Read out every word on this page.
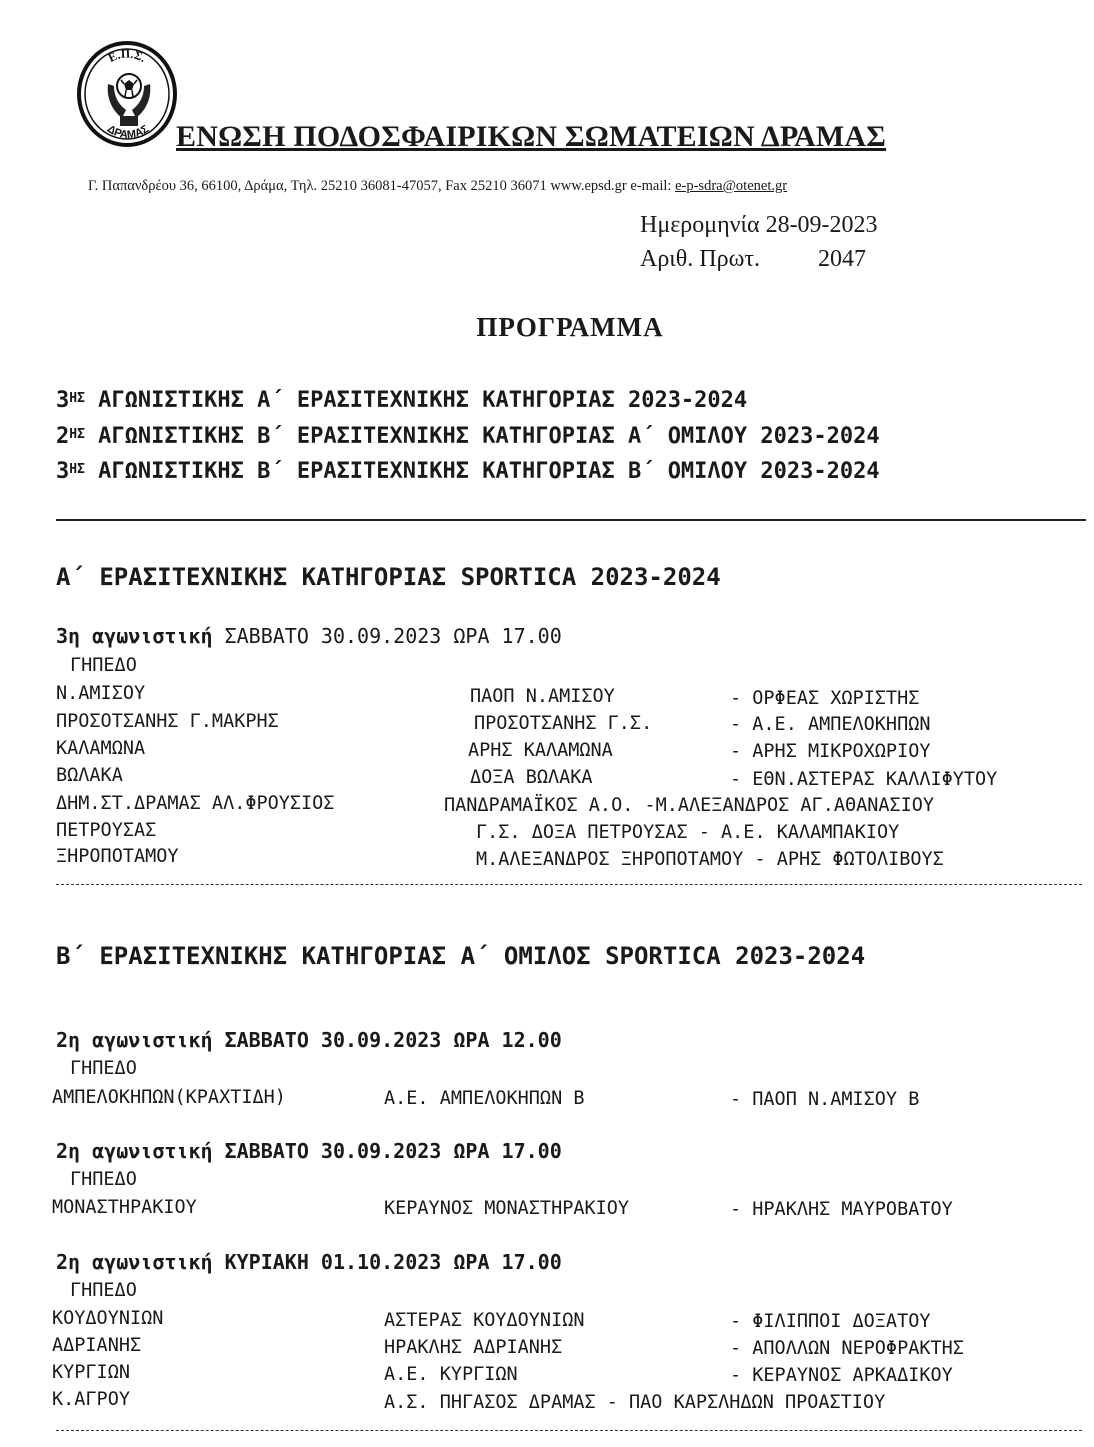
Ε.Π.Σ.
ΔΡΑΜΑΣ ΕΝΩΣΗ ΠΟΔΟΣΦΑΙΡΙΚΩΝ ΣΩΜΑΤΕΙΩΝ ΔΡΑΜΑΣ
Γ. Παπανδρέου 36, 66100, Δράμα, Τηλ. 25210 36081-47057, Fax 25210 36071 www.epsd.gr e-mail: e-p-sdra@otenet.gr
Ημερομηνία 28-09-2023
Αριθ. Πρωτ. 2047
ΠΡΟΓΡΑΜΜΑ
$3^{H\Sigma}$ ΑΓΩΝΙΣΤΙΚΗΣ Α΄ ΕΡΑΣΙΤΕΧΝΙΚΗΣ ΚΑΤΗΓΟΡΙΑΣ 2023-2024
$2^{H\Sigma}$ ΑΓΩΝΙΣΤΙΚΗΣ Β΄ ΕΡΑΣΙΤΕΧΝΙΚΗΣ ΚΑΤΗΓΟΡΙΑΣ Α΄ ΟΜΙΛΟΥ 2023-2024
$3^{H\Sigma}$ ΑΓΩΝΙΣΤΙΚΗΣ Β΄ ΕΡΑΣΙΤΕΧΝΙΚΗΣ ΚΑΤΗΓΟΡΙΑΣ Β΄ ΟΜΙΛΟΥ 2023-2024
Α΄ ΕΡΑΣΙΤΕΧΝΙΚΗΣ ΚΑΤΗΓΟΡΙΑΣ SPORTICA 2023-2024
3η αγωνιστική ΣΑΒΒΑΤΟ 30.09.2023 ΩΡΑ 17.00
ΓΗΠΕΔΟ
Ν.ΑΜΙΣΟΥ	ΠΑΟΠ Ν.ΑΜΙΣΟΥ	- ΟΡΦΕΑΣ ΧΩΡΙΣΤΗΣ
ΠΡΟΣΟΤΣΑΝΗΣ Γ.ΜΑΚΡΗΣ	ΠΡΟΣΟΤΣΑΝΗΣ Γ.Σ.	- Α.Ε. ΑΜΠΕΛΟΚΗΠΩΝ
ΚΑΛΑΜΩΝΑ	ΑΡΗΣ ΚΑΛΑΜΩΝΑ	- ΑΡΗΣ ΜΙΚΡΟΧΩΡΙΟΥ
ΒΩΛΑΚΑ	ΔΟΞΑ ΒΩΛΑΚΑ	- ΕΘΝ.ΑΣΤΕΡΑΣ ΚΑΛΛΙΦΥΤΟΥ
ΔΗΜ.ΣΤ.ΔΡΑΜΑΣ ΑΛ.ΦΡΟΥΣΙΟΣ	ΠΑΝΔΡΑΜΑΪΚΟΣ Α.Ο. -Μ.ΑΛΕΞΑΝΔΡΟΣ ΑΓ.ΑΘΑΝΑΣΙΟΥ
ΠΕΤΡΟΥΣΑΣ	Γ.Σ. ΔΟΞΑ ΠΕΤΡΟΥΣΑΣ - Α.Ε. ΚΑΛΑΜΠΑΚΙΟΥ
ΞΗΡΟΠΟΤΑΜΟΥ	Μ.ΑΛΕΞΑΝΔΡΟΣ ΞΗΡΟΠΟΤΑΜΟΥ - ΑΡΗΣ ΦΩΤΟΛΙΒΟΥΣ
Β΄ ΕΡΑΣΙΤΕΧΝΙΚΗΣ ΚΑΤΗΓΟΡΙΑΣ Α΄ ΟΜΙΛΟΣ SPORTICA 2023-2024
2η αγωνιστική ΣΑΒΒΑΤΟ 30.09.2023 ΩΡΑ 12.00
ΓΗΠΕΔΟ
ΑΜΠΕΛΟΚΗΠΩΝ(ΚΡΑΧΤΙΔΗ)	Α.Ε. ΑΜΠΕΛΟΚΗΠΩΝ Β	- ΠΑΟΠ Ν.ΑΜΙΣΟΥ Β
2η αγωνιστική ΣΑΒΒΑΤΟ 30.09.2023 ΩΡΑ 17.00
ΓΗΠΕΔΟ
ΜΟΝΑΣΤΗΡΑΚΙΟΥ	ΚΕΡΑΥΝΟΣ ΜΟΝΑΣΤΗΡΑΚΙΟΥ	- ΗΡΑΚΛΗΣ ΜΑΥΡΟΒΑΤΟΥ
2η αγωνιστική ΚΥΡΙΑΚΗ 01.10.2023 ΩΡΑ 17.00
ΓΗΠΕΔΟ
ΚΟΥΔΟΥΝΙΩΝ	ΑΣΤΕΡΑΣ ΚΟΥΔΟΥΝΙΩΝ	- ΦΙΛΙΠΠΟΙ ΔΟΞΑΤΟΥ
ΑΔΡΙΑΝΗΣ	ΗΡΑΚΛΗΣ ΑΔΡΙΑΝΗΣ	- ΑΠΟΛΛΩΝ ΝΕΡΟΦΡΑΚΤΗΣ
ΚΥΡΓΙΩΝ	Α.Ε. ΚΥΡΓΙΩΝ	- ΚΕΡΑΥΝΟΣ ΑΡΚΑΔΙΚΟΥ
Κ.ΑΓΡΟΥ	Α.Σ. ΠΗΓΑΣΟΣ ΔΡΑΜΑΣ - ΠΑΟ ΚΑΡΣΛΗΔΩΝ ΠΡΟΑΣΤΙΟΥ
